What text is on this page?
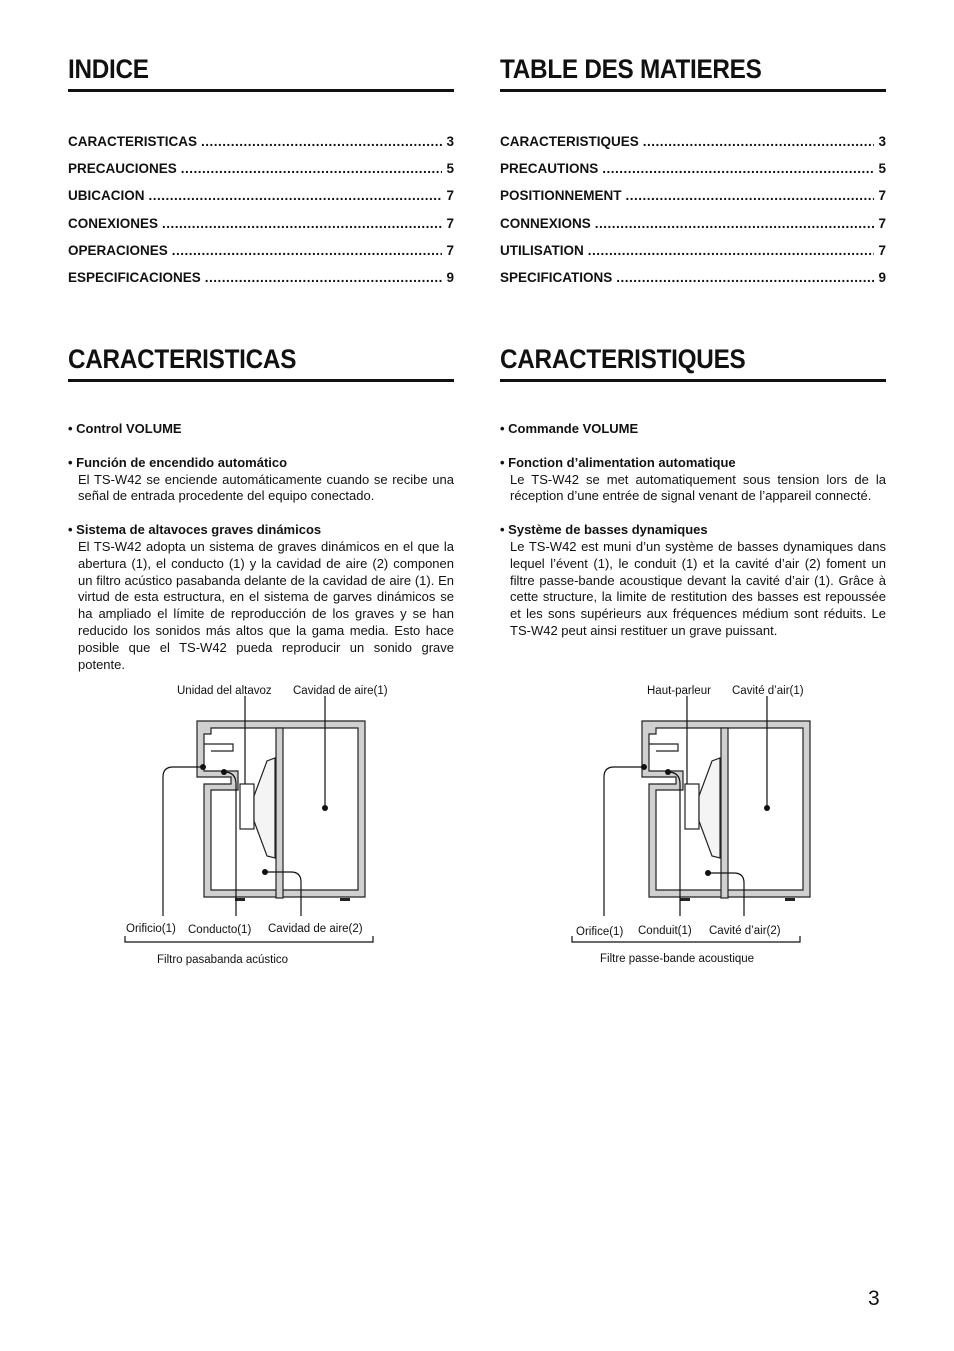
INDICE
CARACTERISTICAS .....	3
PRECAUCIONES .....	5
UBICACION .....	7
CONEXIONES .....	7
OPERACIONES .....	7
ESPECIFICACIONES .....	9
CARACTERISTICAS
• Control VOLUME
• Función de encendido automático
El TS-W42 se enciende automáticamente cuando se recibe una señal de entrada procedente del equipo conectado.
• Sistema de altavoces graves dinámicos
El TS-W42 adopta un sistema de graves dinámicos en el que la abertura (1), el conducto (1) y la cavidad de aire (2) componen un filtro acústico pasabanda delante de la cavidad de aire (1). En virtud de esta estructura, en el sistema de garves dinámicos se ha ampliado el límite de reproducción de los graves y se han reducido los sonidos más altos que la gama media. Esto hace posible que el TS-W42 pueda reproducir un sonido grave potente.
TABLE DES MATIERES
CARACTERISTIQUES .....	3
PRECAUTIONS .....	5
POSITIONNEMENT .....	7
CONNEXIONS .....	7
UTILISATION .....	7
SPECIFICATIONS .....	9
CARACTERISTIQUES
• Commande VOLUME
• Fonction d’alimentation automatique
Le TS-W42 se met automatiquement sous tension lors de la réception d’une entrée de signal venant de l’appareil connecté.
• Système de basses dynamiques
Le TS-W42 est muni d’un système de basses dynamiques dans lequel l’évent (1), le conduit (1) et la cavité d’air (2) foment un filtre passe-bande acoustique devant la cavité d’air (1). Grâce à cette structure, la limite de restitution des basses est repoussée et les sons supérieurs aux fréquences médium sont réduits. Le TS-W42 peut ainsi restituer un grave puissant.
Unidad del altavoz Cavidad de aire(1)
Orificio(1) Conducto(1) Cavidad de aire(2)
Filtro pasabanda acústico
Haut-parleur Cavité d’air(1)
Orifice(1) Conduit(1) Cavité d’air(2)
Filtre passe-bande acoustique
3
